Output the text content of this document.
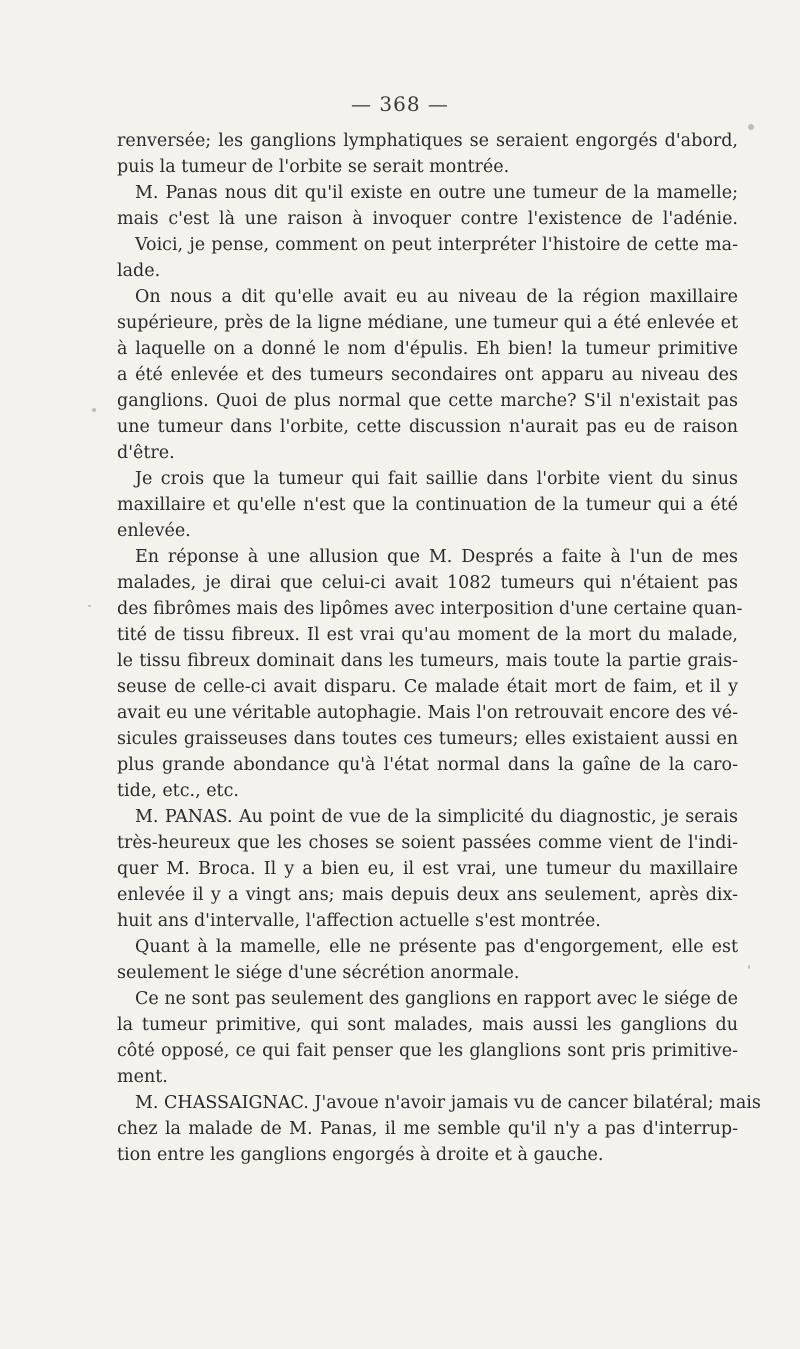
— 368 —
renversée; les ganglions lymphatiques se seraient engorgés d'abord,
puis la tumeur de l'orbite se serait montrée.
M. Panas nous dit qu'il existe en outre une tumeur de la mamelle;
mais c'est là une raison à invoquer contre l'existence de l'adénie.
Voici, je pense, comment on peut interpréter l'histoire de cette ma-
lade.
On nous a dit qu'elle avait eu au niveau de la région maxillaire
supérieure, près de la ligne médiane, une tumeur qui a été enlevée et
à laquelle on a donné le nom d'épulis. Eh bien! la tumeur primitive
a été enlevée et des tumeurs secondaires ont apparu au niveau des
ganglions. Quoi de plus normal que cette marche? S'il n'existait pas
une tumeur dans l'orbite, cette discussion n'aurait pas eu de raison
d'être.
Je crois que la tumeur qui fait saillie dans l'orbite vient du sinus
maxillaire et qu'elle n'est que la continuation de la tumeur qui a été
enlevée.
En réponse à une allusion que M. Després a faite à l'un de mes
malades, je dirai que celui-ci avait 1082 tumeurs qui n'étaient pas
des fibrômes mais des lipômes avec interposition d'une certaine quan-
tité de tissu fibreux. Il est vrai qu'au moment de la mort du malade,
le tissu fibreux dominait dans les tumeurs, mais toute la partie grais-
seuse de celle-ci avait disparu. Ce malade était mort de faim, et il y
avait eu une véritable autophagie. Mais l'on retrouvait encore des vé-
sicules graisseuses dans toutes ces tumeurs; elles existaient aussi en
plus grande abondance qu'à l'état normal dans la gaîne de la caro-
tide, etc., etc.
M. PANAS. Au point de vue de la simplicité du diagnostic, je serais
très-heureux que les choses se soient passées comme vient de l'indi-
quer M. Broca. Il y a bien eu, il est vrai, une tumeur du maxillaire
enlevée il y a vingt ans; mais depuis deux ans seulement, après dix-
huit ans d'intervalle, l'affection actuelle s'est montrée.
Quant à la mamelle, elle ne présente pas d'engorgement, elle est
seulement le siége d'une sécrétion anormale.
Ce ne sont pas seulement des ganglions en rapport avec le siége de
la tumeur primitive, qui sont malades, mais aussi les ganglions du
côté opposé, ce qui fait penser que les glanglions sont pris primitive-
ment.
M. CHASSAIGNAC. J'avoue n'avoir jamais vu de cancer bilatéral; mais
chez la malade de M. Panas, il me semble qu'il n'y a pas d'interrup-
tion entre les ganglions engorgés à droite et à gauche.
